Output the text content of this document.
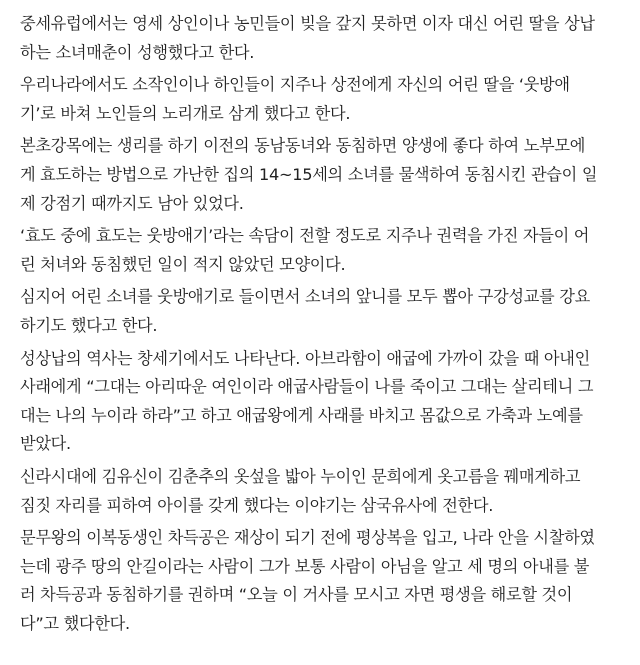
중세유럽에서는 영세 상인이나 농민들이 빚을 갚지 못하면 이자 대신 어린 딸을 상납
하는 소녀매춘이 성행했다고 한다.
우리나라에서도 소작인이나 하인들이 지주나 상전에게 자신의 어린 딸을 ‘웃방애
기’로 바쳐 노인들의 노리개로 삼게 했다고 한다.
본초강목에는 생리를 하기 이전의 동남동녀와 동침하면 양생에 좋다 하여 노부모에
게 효도하는 방법으로 가난한 집의 14~15세의 소녀를 물색하여 동침시킨 관습이 일
제 강점기 때까지도 남아 있었다.
‘효도 중에 효도는 웃방애기’라는 속담이 전할 정도로 지주나 권력을 가진 자들이 어
린 처녀와 동침했던 일이 적지 않았던 모양이다.
심지어 어린 소녀를 웃방애기로 들이면서 소녀의 앞니를 모두 뽑아 구강성교를 강요
하기도 했다고 한다.
성상납의 역사는 창세기에서도 나타난다. 아브라함이 애굽에 가까이 갔을 때 아내인
사래에게 “그대는 아리따운 여인이라 애굽사람들이 나를 죽이고 그대는 살리테니 그
대는 나의 누이라 하라”고 하고 애굽왕에게 사래를 바치고 몸값으로 가축과 노예를
받았다.
신라시대에 김유신이 김춘추의 옷섶을 밟아 누이인 문희에게 옷고름을 꿰매게하고
짐짓 자리를 피하여 아이를 갖게 했다는 이야기는 삼국유사에 전한다.
문무왕의 이복동생인 차득공은 재상이 되기 전에 평상복을 입고, 나라 안을 시찰하였
는데 광주 땅의 안길이라는 사람이 그가 보통 사람이 아님을 알고 세 명의 아내를 불
러 차득공과 동침하기를 권하며 “오늘 이 거사를 모시고 자면 평생을 해로할 것이
다”고 했다한다.
